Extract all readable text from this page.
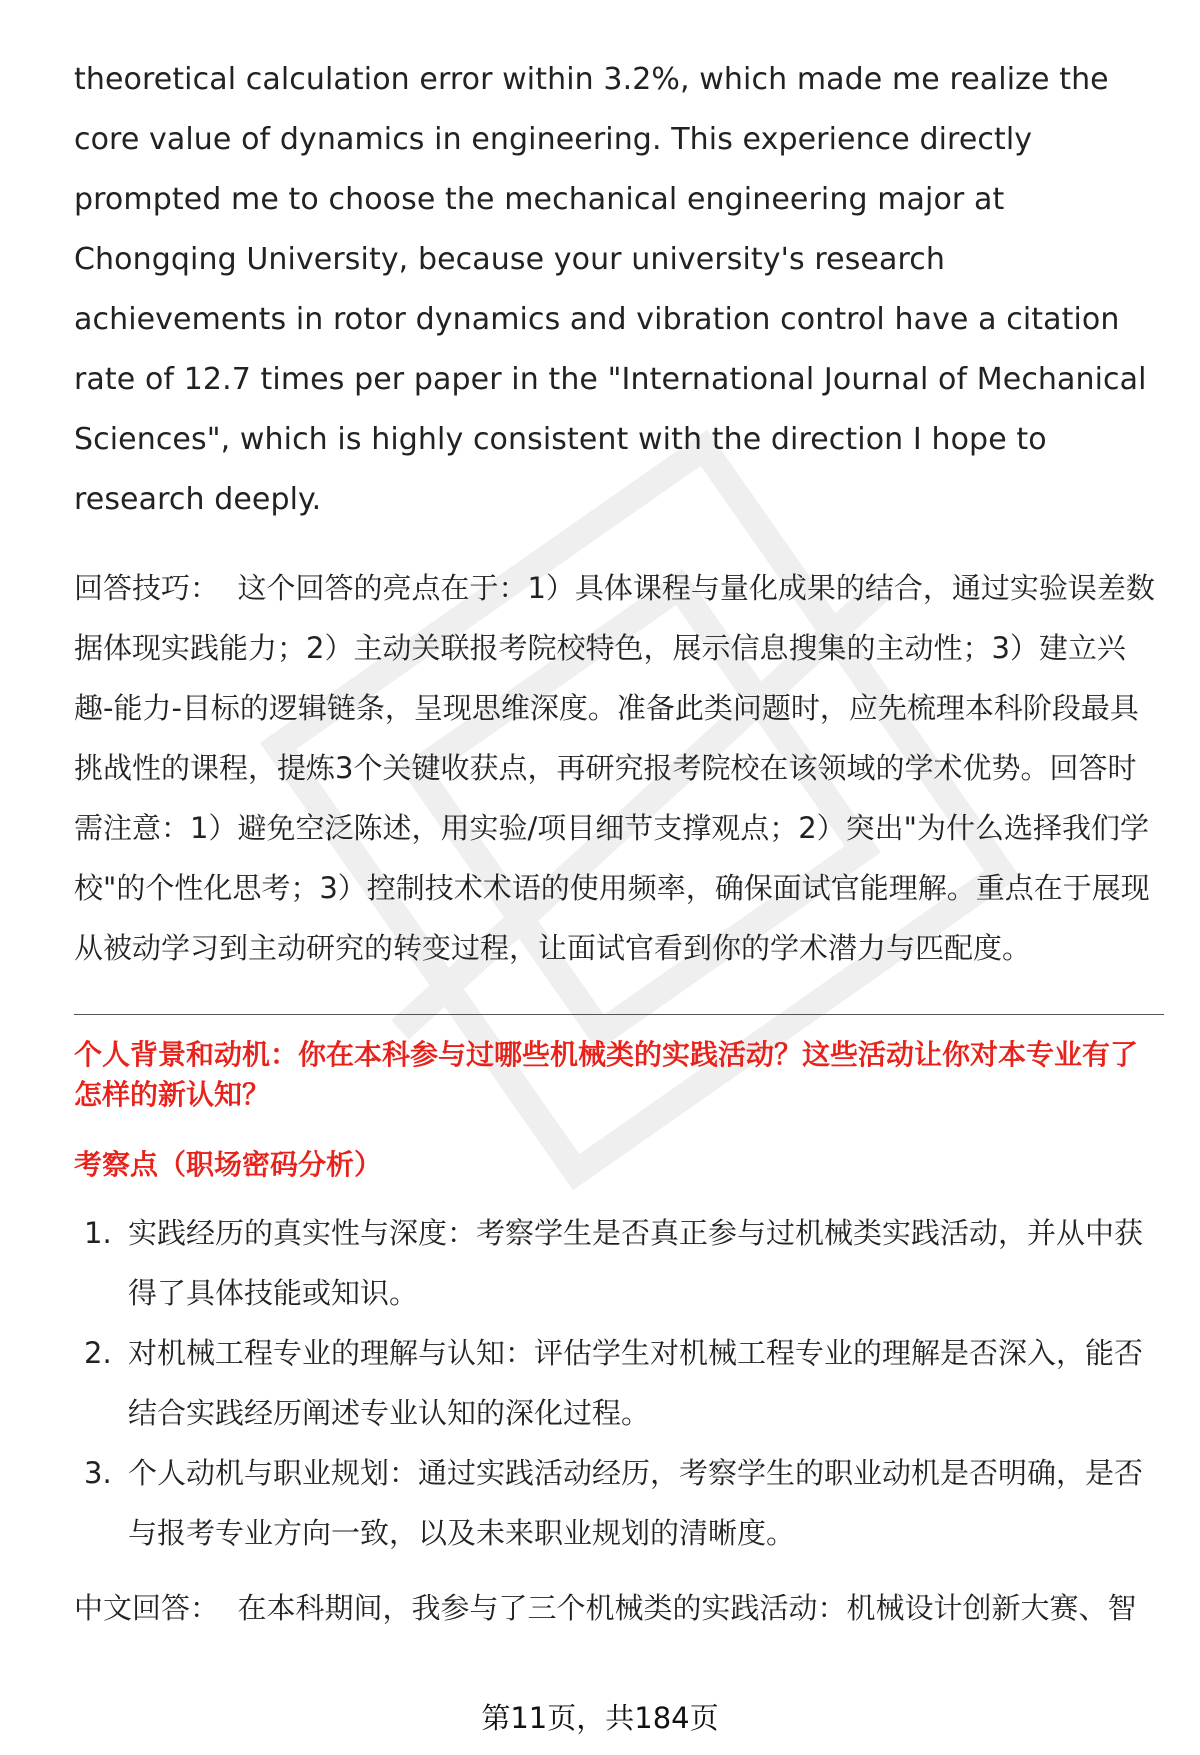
theoretical calculation error within 3.2%, which made me realize the core value of dynamics in engineering. This experience directly prompted me to choose the mechanical engineering major at Chongqing University, because your university's research achievements in rotor dynamics and vibration control have a citation rate of 12.7 times per paper in the "International Journal of Mechanical Sciences", which is highly consistent with the direction I hope to research deeply.

回答技巧： 这个回答的亮点在于：1）具体课程与量化成果的结合，通过实验误差数据体现实践能力；2）主动关联报考院校特色，展示信息搜集的主动性；3）建立兴趣-能力-目标的逻辑链条，呈现思维深度。准备此类问题时，应先梳理本科阶段最具挑战性的课程，提炼3个关键收获点，再研究报考院校在该领域的学术优势。回答时需注意：1）避免空泛陈述，用实验/项目细节支撑观点；2）突出"为什么选择我们学校"的个性化思考；3）控制技术术语的使用频率，确保面试官能理解。重点在于展现从被动学习到主动研究的转变过程，让面试官看到你的学术潜力与匹配度。

个人背景和动机：你在本科参与过哪些机械类的实践活动？这些活动让你对本专业有了怎样的新认知？
考察点（职场密码分析）
1. 实践经历的真实性与深度：考察学生是否真正参与过机械类实践活动，并从中获得了具体技能或知识。
2. 对机械工程专业的理解与认知：评估学生对机械工程专业的理解是否深入，能否结合实践经历阐述专业认知的深化过程。
3. 个人动机与职业规划：通过实践活动经历，考察学生的职业动机是否明确，是否与报考专业方向一致，以及未来职业规划的清晰度。

中文回答： 在本科期间，我参与了三个机械类的实践活动：机械设计创新大赛、智

第11页，共184页
